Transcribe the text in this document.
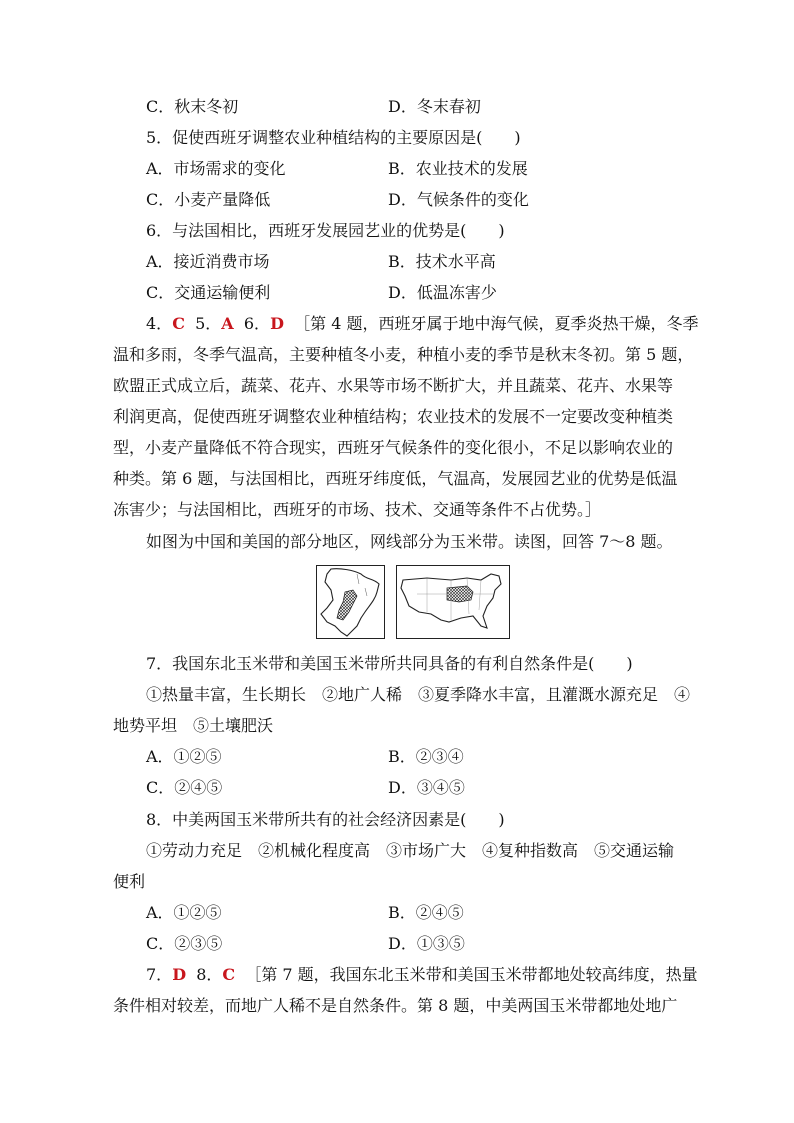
C．秋末冬初	D．冬末春初
5．促使西班牙调整农业种植结构的主要原因是(　　)
A．市场需求的变化	B．农业技术的发展
C．小麦产量降低	D．气候条件的变化
6．与法国相比，西班牙发展园艺业的优势是(　　)
A．接近消费市场	B．技术水平高
C．交通运输便利	D．低温冻害少
4．C 5．A 6．D ［第 4 题，西班牙属于地中海气候，夏季炎热干燥，冬季
温和多雨，冬季气温高，主要种植冬小麦，种植小麦的季节是秋末冬初。第 5 题，
欧盟正式成立后，蔬菜、花卉、水果等市场不断扩大，并且蔬菜、花卉、水果等
利润更高，促使西班牙调整农业种植结构；农业技术的发展不一定要改变种植类
型，小麦产量降低不符合现实，西班牙气候条件的变化很小，不足以影响农业的
种类。第 6 题，与法国相比，西班牙纬度低，气温高，发展园艺业的优势是低温
冻害少；与法国相比，西班牙的市场、技术、交通等条件不占优势。］
如图为中国和美国的部分地区，网线部分为玉米带。读图，回答 7～8 题。
7．我国东北玉米带和美国玉米带所共同具备的有利自然条件是(　　)
①热量丰富，生长期长　②地广人稀　③夏季降水丰富，且灌溉水源充足　④
地势平坦　⑤土壤肥沃
A．①②⑤	B．②③④
C．②④⑤	D．③④⑤
8．中美两国玉米带所共有的社会经济因素是(　　)
①劳动力充足　②机械化程度高　③市场广大　④复种指数高　⑤交通运输
便利
A．①②⑤	B．②④⑤
C．②③⑤	D．①③⑤
7．D 8．C ［第 7 题，我国东北玉米带和美国玉米带都地处较高纬度，热量
条件相对较差，而地广人稀不是自然条件。第 8 题，中美两国玉米带都地处地广
